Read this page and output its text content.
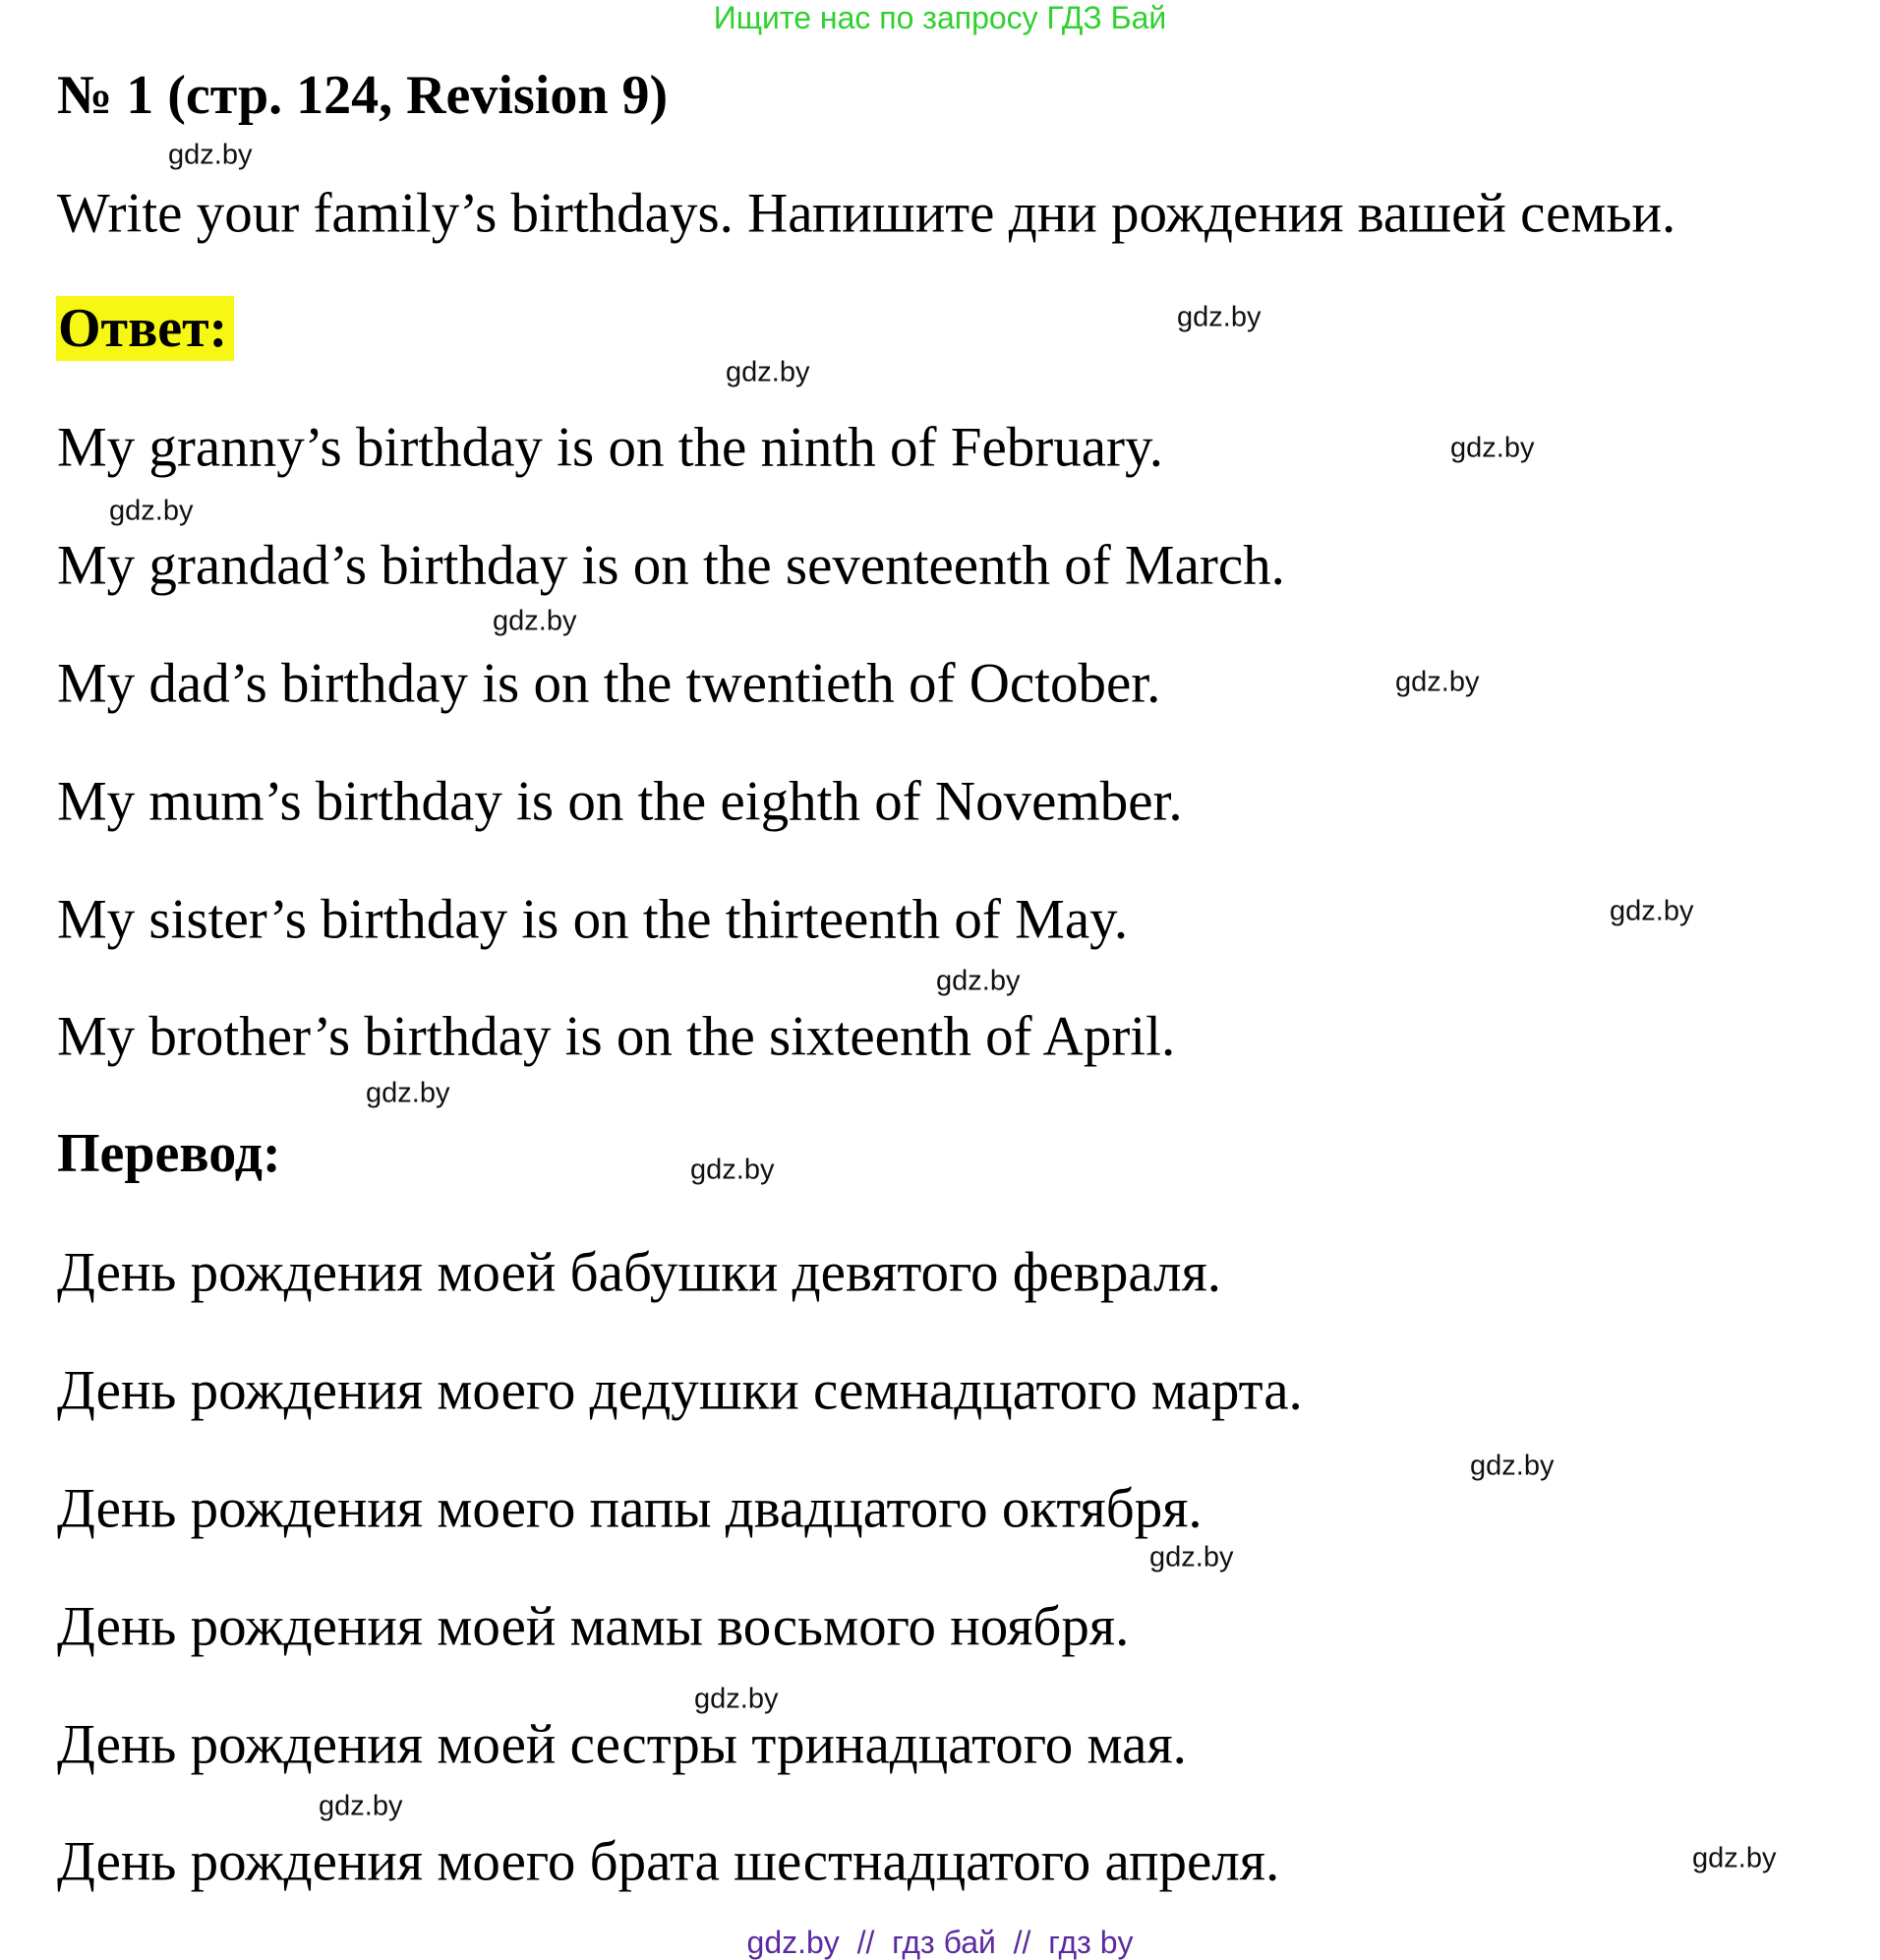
Ищите нас по запросу ГДЗ Бай
№ 1 (стр. 124, Revision 9)
Write your family’s birthdays. Напишите дни рождения вашей семьи.
Ответ:
My granny’s birthday is on the ninth of February.
My grandad’s birthday is on the seventeenth of March.
My dad’s birthday is on the twentieth of October.
My mum’s birthday is on the eighth of November.
My sister’s birthday is on the thirteenth of May.
My brother’s birthday is on the sixteenth of April.
Перевод:
День рождения моей бабушки девятого февраля.
День рождения моего дедушки семнадцатого марта.
День рождения моего папы двадцатого октября.
День рождения моей мамы восьмого ноября.
День рождения моей сестры тринадцатого мая.
День рождения моего брата шестнадцатого апреля.
gdz.by
gdz.by
gdz.by
gdz.by
gdz.by
gdz.by
gdz.by
gdz.by
gdz.by
gdz.by
gdz.by
gdz.by
gdz.by
gdz.by
gdz.by
gdz.by
gdz.by  //  гдз бай  //  гдз by
